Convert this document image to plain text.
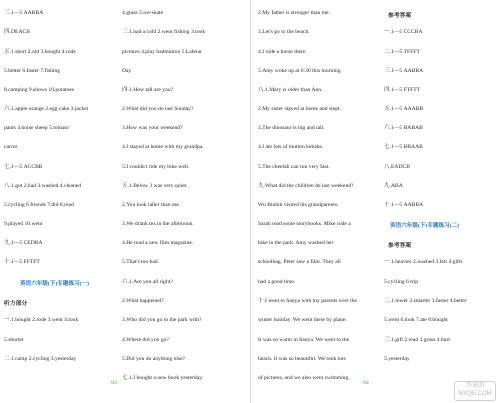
三.1—5 AABBA
四.DEACB
五.1.short 2.old 3.bought 4.rode
5.better 6.faster 7.fishing
8.camping 9.shows 10.potatoes
六.1.apple orange 2.egg cake 3.jacket
pants 4.horse sheep 5.tomato
carrot
七.1—5 ACCBB
八.1.got 2.had 3.washed 4.cleaned
5.cycling 6.friends 7.did 8.read
9.played 10.went
九.1—5 CEDBA
十.1—5 FFTFT
英语六年级(下)专题练习(一)
听力部分
一.1.bought 2.rode 3.went 4.took
5.shorter
二.1.camp 2.cycling 3.yesterday
4.grass 5.ice-skate
三.1.had a cold 2.went fishing 3.took
pictures 4.play badminton 5.Labour
Day
四.1.How tall are you?
2.What did you do last Sunday?
3.How was your weekend?
4.I stayed at home with my grandpa.
5.I couldn't ride my bike well.
五.1.Below, I was very quiet.
2.You look taller than me.
3.We drank tea in the afternoon.
4.He read a new film magazine.
5.That's too bad.
六.1.Are you all right?
2.What happened?
3.Who did you go to the park with?
4.Where did you go?
5.Did you do anything else?
七.1.I bought a new book yesterday.
2.My father is stronger than me.
3.Let's go to the beach.
4.I rode a horse there.
5.Amy woke up at 6:30 this morning.
八.1.Mary is older than Ann.
2.My sister stayed at home and slept.
3.The dinosaur is big and tall.
4.I ate lots of mutton kebabs.
5.The cheetah can run very fast.
九.What did the children do last weekend?
Wu Binbin visited his grandparents.
Sarah read some storybooks. Mike rode a
bike in the park. Amy washed her
schoolbag. Peter saw a film. They all
had a good time.
十.I went to Sanya with my parents over the
winter holiday. We went there by plane.
It was so warm in Sanya. We went to the
beach. It was so beautiful. We took lots
of pictures, and we also went swimming.
参考答案
一.1—5 CCCBA
二.1—5 TFFFT
三.1—5 AABBA
四.1—5 FTFTT
五.1—5 AAABB
六.1—5 BABAB
七.1—5 BBAAB
八.EADCB
九.ABA
十.1—5 AABBA
英语六年级(下)专题练习(二)
参考答案
一.1.heavier 2.washed 3.felt 4.gifts
5.cycling 6.trip
二.1.lower 2.smarter 3.faster 4.better
5.went 6.took 7.ate 8.bought
三.1.gift 2.read 3.grass 4.hurt
5.yesterday
· 63 ·	· 64 ·	答案圈 MXQE.COM
